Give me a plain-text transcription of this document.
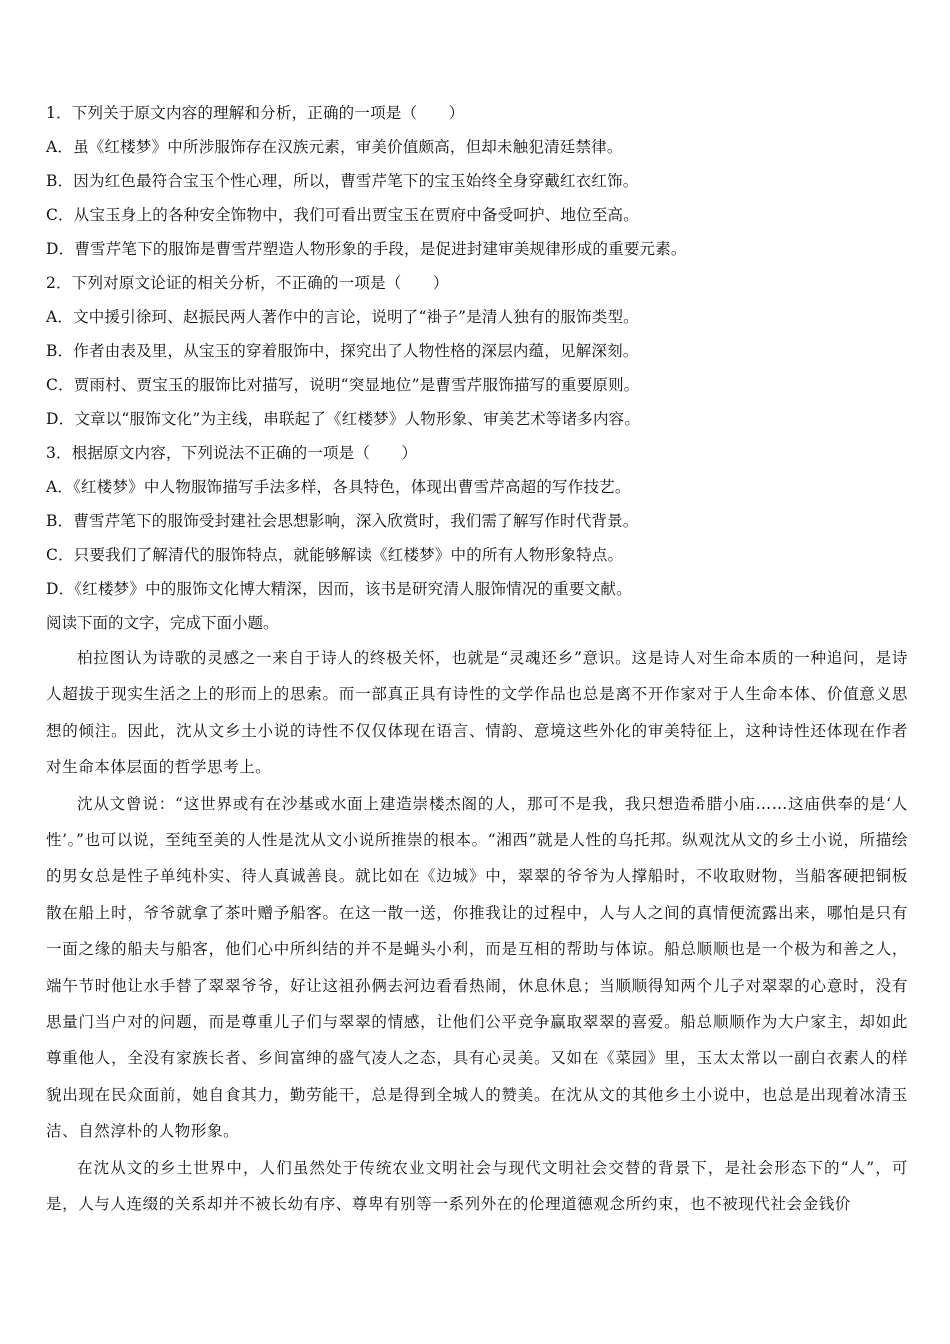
1．下列关于原文内容的理解和分析，正确的一项是（　　）
A．虽《红楼梦》中所涉服饰存在汉族元素，审美价值颇高，但却未触犯清廷禁律。
B．因为红色最符合宝玉个性心理，所以，曹雪芹笔下的宝玉始终全身穿戴红衣红饰。
C．从宝玉身上的各种安全饰物中，我们可看出贾宝玉在贾府中备受呵护、地位至高。
D．曹雪芹笔下的服饰是曹雪芹塑造人物形象的手段，是促进封建审美规律形成的重要元素。
2．下列对原文论证的相关分析，不正确的一项是（　　）
A．文中援引徐珂、赵振民两人著作中的言论，说明了“褂子”是清人独有的服饰类型。
B．作者由表及里，从宝玉的穿着服饰中，探究出了人物性格的深层内蕴，见解深刻。
C．贾雨村、贾宝玉的服饰比对描写，说明“突显地位”是曹雪芹服饰描写的重要原则。
D．文章以“服饰文化”为主线，串联起了《红楼梦》人物形象、审美艺术等诸多内容。
3．根据原文内容，下列说法不正确的一项是（　　）
A．《红楼梦》中人物服饰描写手法多样，各具特色，体现出曹雪芹高超的写作技艺。
B．曹雪芹笔下的服饰受封建社会思想影响，深入欣赏时，我们需了解写作时代背景。
C．只要我们了解清代的服饰特点，就能够解读《红楼梦》中的所有人物形象特点。
D．《红楼梦》中的服饰文化博大精深，因而，该书是研究清人服饰情况的重要文献。
阅读下面的文字，完成下面小题。

柏拉图认为诗歌的灵感之一来自于诗人的终极关怀，也就是“灵魂还乡”意识。这是诗人对生命本质的一种追问，是诗人超拔于现实生活之上的形而上的思索。而一部真正具有诗性的文学作品也总是离不开作家对于人生命本体、价值意义思想的倾注。因此，沈从文乡土小说的诗性不仅仅体现在语言、情韵、意境这些外化的审美特征上，这种诗性还体现在作者对生命本体层面的哲学思考上。

沈从文曾说：“这世界或有在沙基或水面上建造崇楼杰阁的人，那可不是我，我只想造希腊小庙……这庙供奉的是‘人性’。”也可以说，至纯至美的人性是沈从文小说所推崇的根本。“湘西”就是人性的乌托邦。纵观沈从文的乡土小说，所描绘的男女总是性子单纯朴实、待人真诚善良。就比如在《边城》中，翠翠的爷爷为人撑船时，不收取财物，当船客硬把铜板散在船上时，爷爷就拿了茶叶赠予船客。在这一散一送，你推我让的过程中，人与人之间的真情便流露出来，哪怕是只有一面之缘的船夫与船客，他们心中所纠结的并不是蝇头小利，而是互相的帮助与体谅。船总顺顺也是一个极为和善之人，端午节时他让水手替了翠翠爷爷，好让这祖孙俩去河边看看热闹，休息休息；当顺顺得知两个儿子对翠翠的心意时，没有思量门当户对的问题，而是尊重儿子们与翠翠的情感，让他们公平竞争赢取翠翠的喜爱。船总顺顺作为大户家主，却如此尊重他人，全没有家族长者、乡间富绅的盛气凌人之态，具有心灵美。又如在《菜园》里，玉太太常以一副白衣素人的样貌出现在民众面前，她自食其力，勤劳能干，总是得到全城人的赞美。在沈从文的其他乡土小说中，也总是出现着冰清玉洁、自然淳朴的人物形象。

在沈从文的乡土世界中，人们虽然处于传统农业文明社会与现代文明社会交替的背景下，是社会形态下的“人”，可是，人与人连缀的关系却并不被长幼有序、尊卑有别等一系列外在的伦理道德观念所约束，也不被现代社会金钱价
